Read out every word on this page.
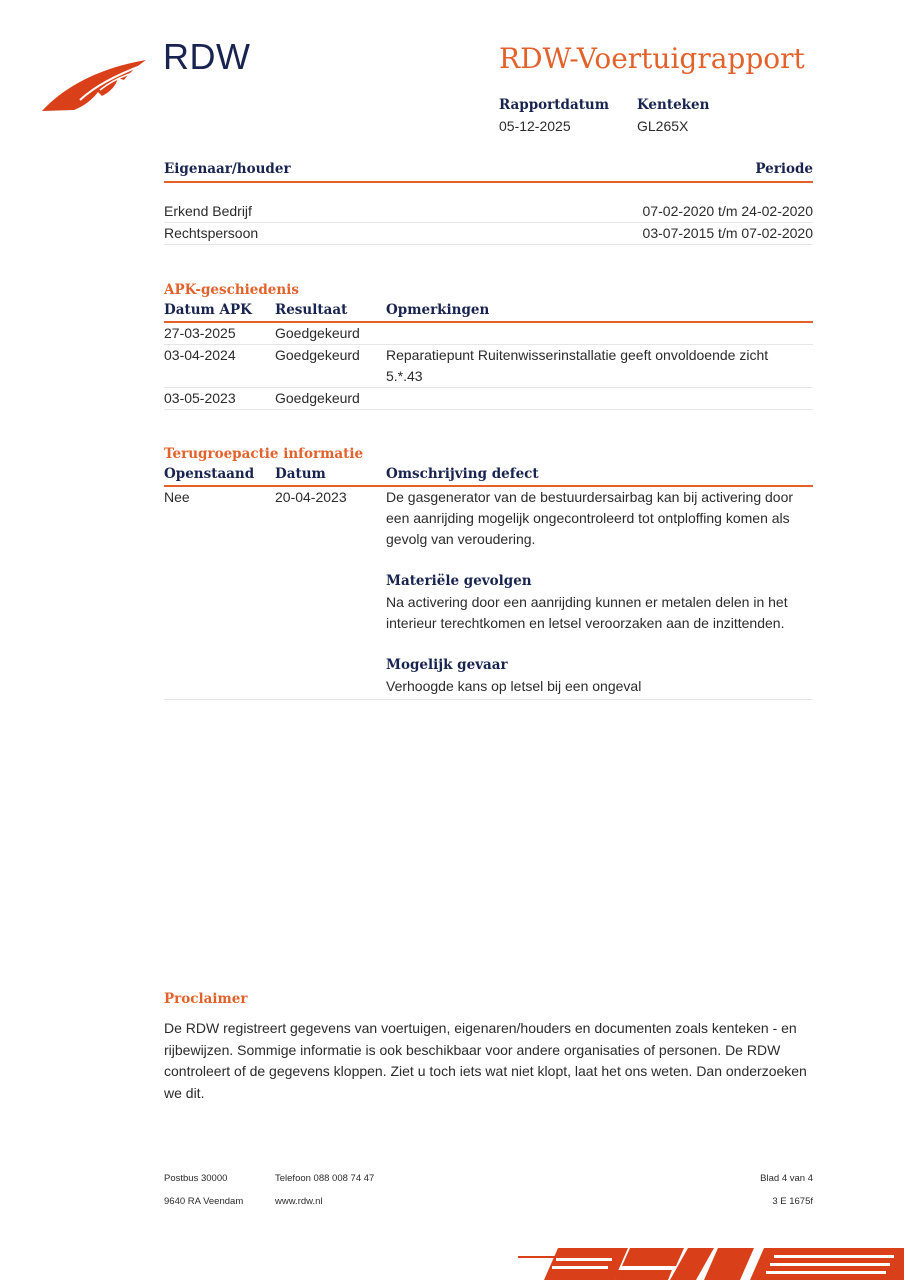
RDW	RDW-Voertuigrapport
Rapportdatum
05-12-2025
Kenteken
GL265X
Eigenaar/houder	Periode
Erkend Bedrijf	07-02-2020 t/m 24-02-2020
Rechtspersoon	03-07-2015 t/m 07-02-2020
APK-geschiedenis
Datum APK	Resultaat	Opmerkingen
27-03-2025	Goedgekeurd
03-04-2024	Goedgekeurd	Reparatiepunt Ruitenwisserinstallatie geeft onvoldoende zicht 5.*.43
03-05-2023	Goedgekeurd
Terugroepactie informatie
Openstaand	Datum	Omschrijving defect
Nee	20-04-2023	De gasgenerator van de bestuurdersairbag kan bij activering door een aanrijding mogelijk ongecontroleerd tot ontploffing komen als gevolg van veroudering.
Materiële gevolgen
Na activering door een aanrijding kunnen er metalen delen in het interieur terechtkomen en letsel veroorzaken aan de inzittenden.
Mogelijk gevaar
Verhoogde kans op letsel bij een ongeval
Proclaimer
De RDW registreert gegevens van voertuigen, eigenaren/houders en documenten zoals kenteken - en rijbewijzen. Sommige informatie is ook beschikbaar voor andere organisaties of personen. De RDW controleert of de gegevens kloppen. Ziet u toch iets wat niet klopt, laat het ons weten. Dan onderzoeken we dit.
Postbus 30000
9640 RA Veendam
Telefoon 088 008 74 47
www.rdw.nl
Blad 4 van 4
3 E 1675f
